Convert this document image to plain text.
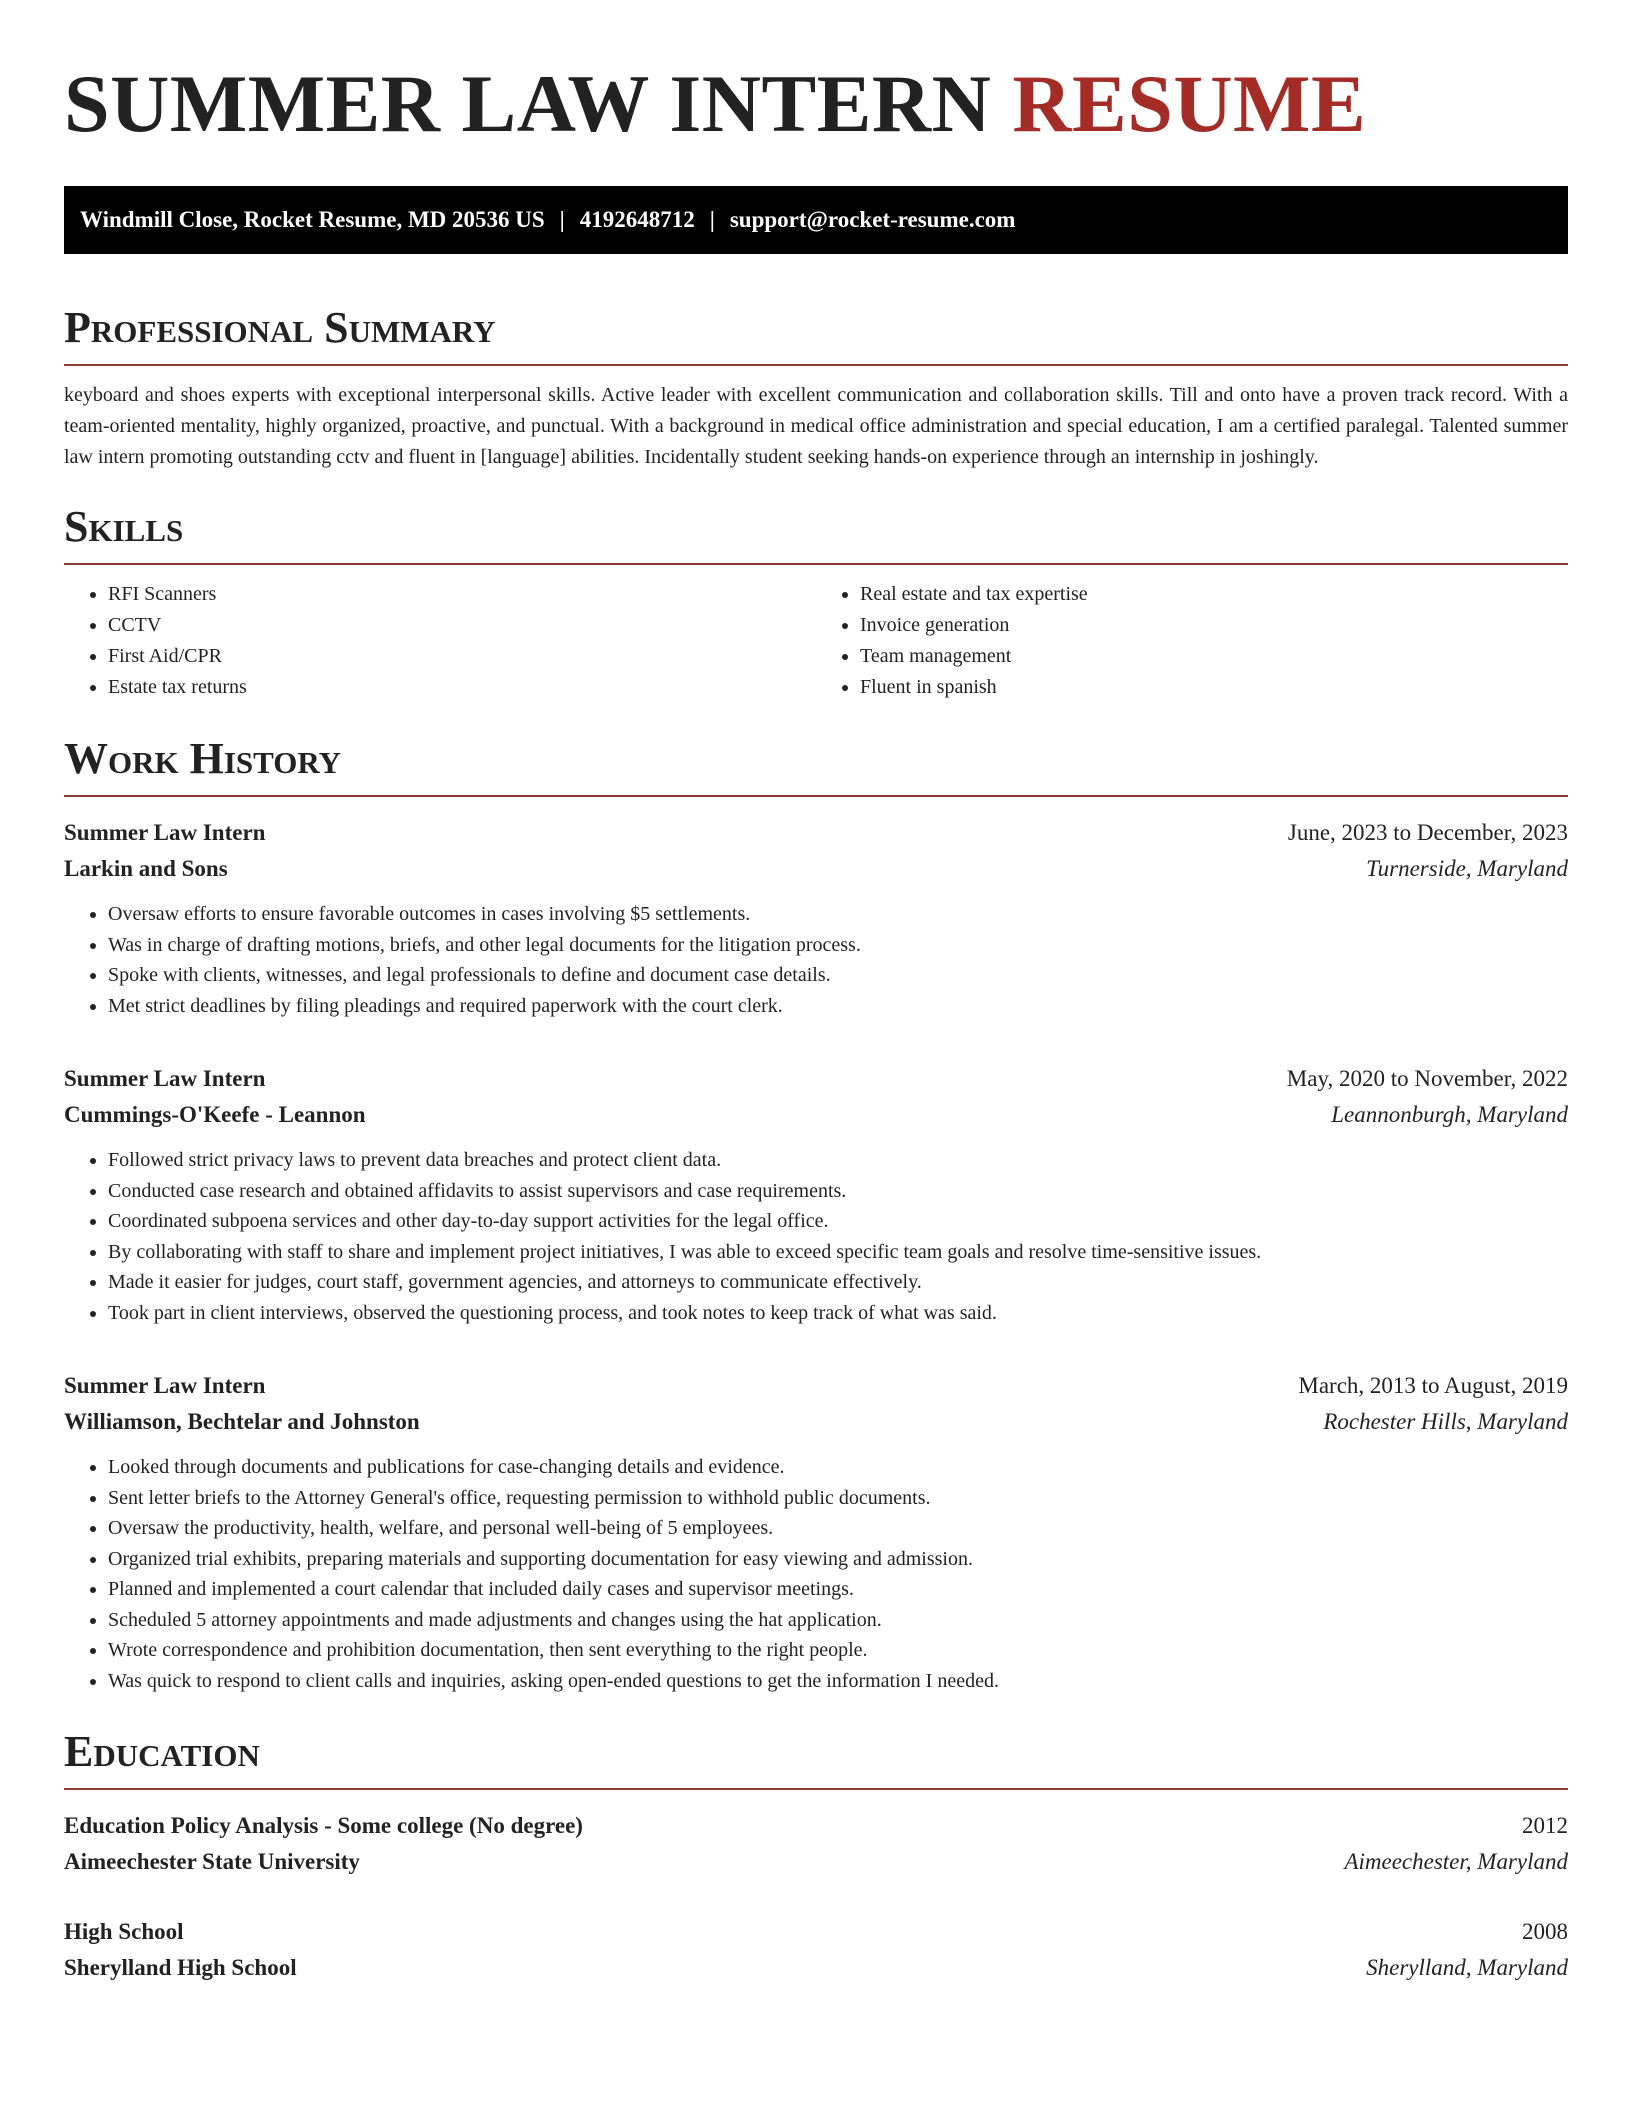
SUMMER LAW INTERN RESUME
Windmill Close, Rocket Resume, MD 20536 US | 4192648712 | support@rocket-resume.com
Professional Summary

keyboard and shoes experts with exceptional interpersonal skills. Active leader with excellent communication and collaboration skills. Till and onto have a proven track record. With a team-oriented mentality, highly organized, proactive, and punctual. With a background in medical office administration and special education, I am a certified paralegal. Talented summer law intern promoting outstanding cctv and fluent in [language] abilities. Incidentally student seeking hands-on experience through an internship in joshingly.

Skills
• RFI Scanners
• CCTV
• First Aid/CPR
• Estate tax returns
• Real estate and tax expertise
• Invoice generation
• Team management
• Fluent in spanish
Work History
Summer Law Intern	June, 2023 to December, 2023
Larkin and Sons	Turnerside, Maryland
• Oversaw efforts to ensure favorable outcomes in cases involving $5 settlements.
• Was in charge of drafting motions, briefs, and other legal documents for the litigation process.
• Spoke with clients, witnesses, and legal professionals to define and document case details.
• Met strict deadlines by filing pleadings and required paperwork with the court clerk.
Summer Law Intern	May, 2020 to November, 2022
Cummings-O'Keefe - Leannon	Leannonburgh, Maryland
• Followed strict privacy laws to prevent data breaches and protect client data.
• Conducted case research and obtained affidavits to assist supervisors and case requirements.
• Coordinated subpoena services and other day-to-day support activities for the legal office.
• By collaborating with staff to share and implement project initiatives, I was able to exceed specific team goals and resolve time-sensitive issues.
• Made it easier for judges, court staff, government agencies, and attorneys to communicate effectively.
• Took part in client interviews, observed the questioning process, and took notes to keep track of what was said.
Summer Law Intern	March, 2013 to August, 2019
Williamson, Bechtelar and Johnston	Rochester Hills, Maryland
• Looked through documents and publications for case-changing details and evidence.
• Sent letter briefs to the Attorney General's office, requesting permission to withhold public documents.
• Oversaw the productivity, health, welfare, and personal well-being of 5 employees.
• Organized trial exhibits, preparing materials and supporting documentation for easy viewing and admission.
• Planned and implemented a court calendar that included daily cases and supervisor meetings.
• Scheduled 5 attorney appointments and made adjustments and changes using the hat application.
• Wrote correspondence and prohibition documentation, then sent everything to the right people.
• Was quick to respond to client calls and inquiries, asking open-ended questions to get the information I needed.
Education
Education Policy Analysis - Some college (No degree)	2012
Aimeechester State University	Aimeechester, Maryland
High School	2008
Sherylland High School	Sherylland, Maryland
